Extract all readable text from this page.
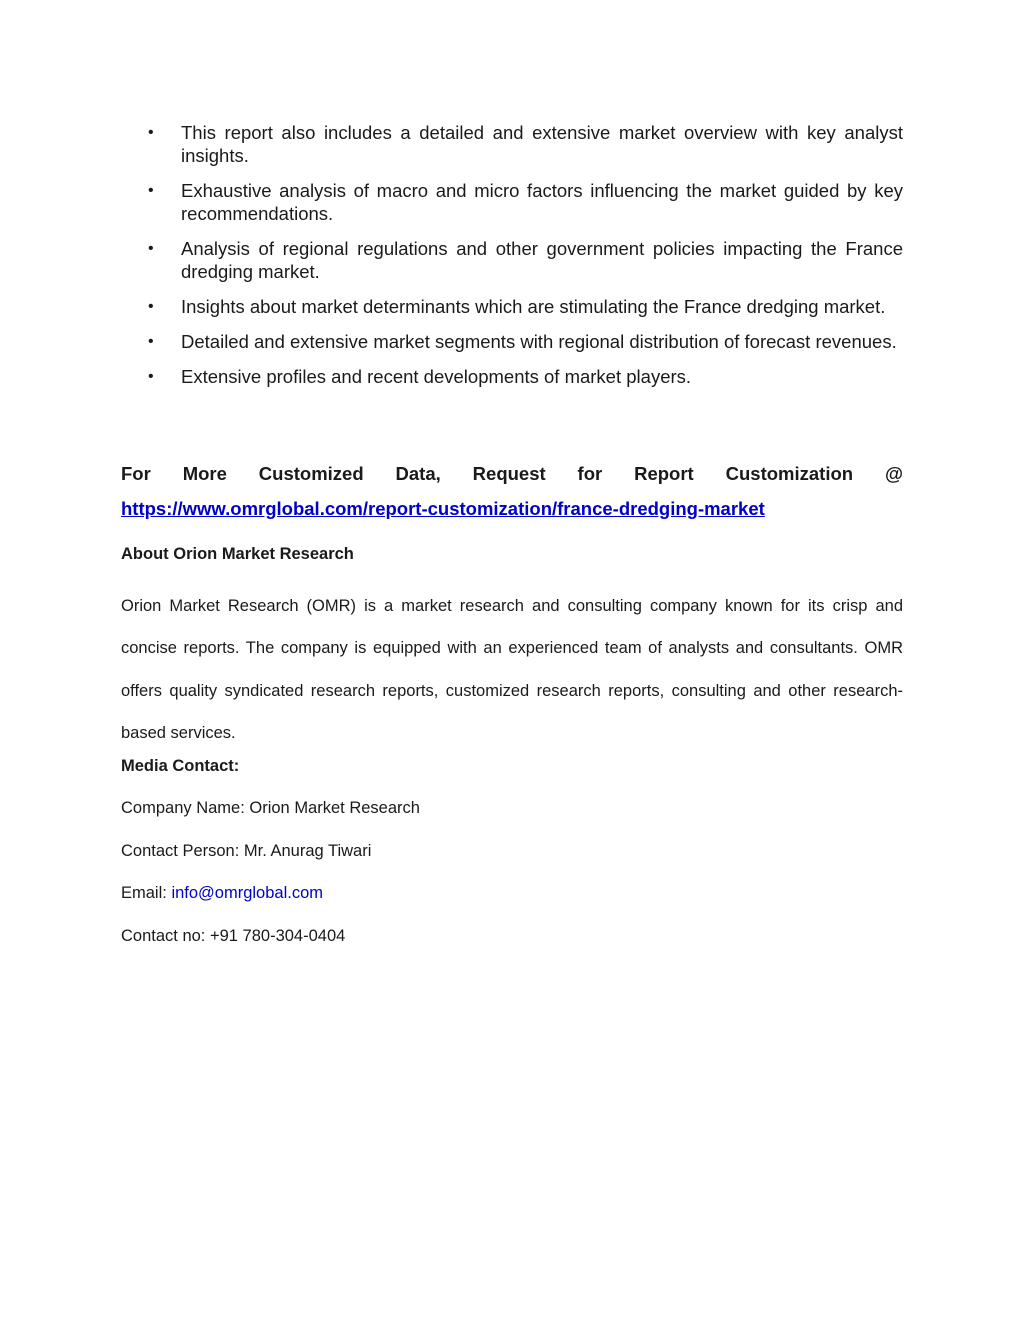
• This report also includes a detailed and extensive market overview with key analyst insights.
• Exhaustive analysis of macro and micro factors influencing the market guided by key recommendations.
• Analysis of regional regulations and other government policies impacting the France dredging market.
• Insights about market determinants which are stimulating the France dredging market.
• Detailed and extensive market segments with regional distribution of forecast revenues.
• Extensive profiles and recent developments of market players.
For More Customized Data, Request for Report Customization @
https://www.omrglobal.com/report-customization/france-dredging-market
About Orion Market Research
Orion Market Research (OMR) is a market research and consulting company known for its crisp and concise reports. The company is equipped with an experienced team of analysts and consultants. OMR offers quality syndicated research reports, customized research reports, consulting and other research-based services.
Media Contact:
Company Name: Orion Market Research
Contact Person: Mr. Anurag Tiwari
Email: info@omrglobal.com
Contact no: +91 780-304-0404
